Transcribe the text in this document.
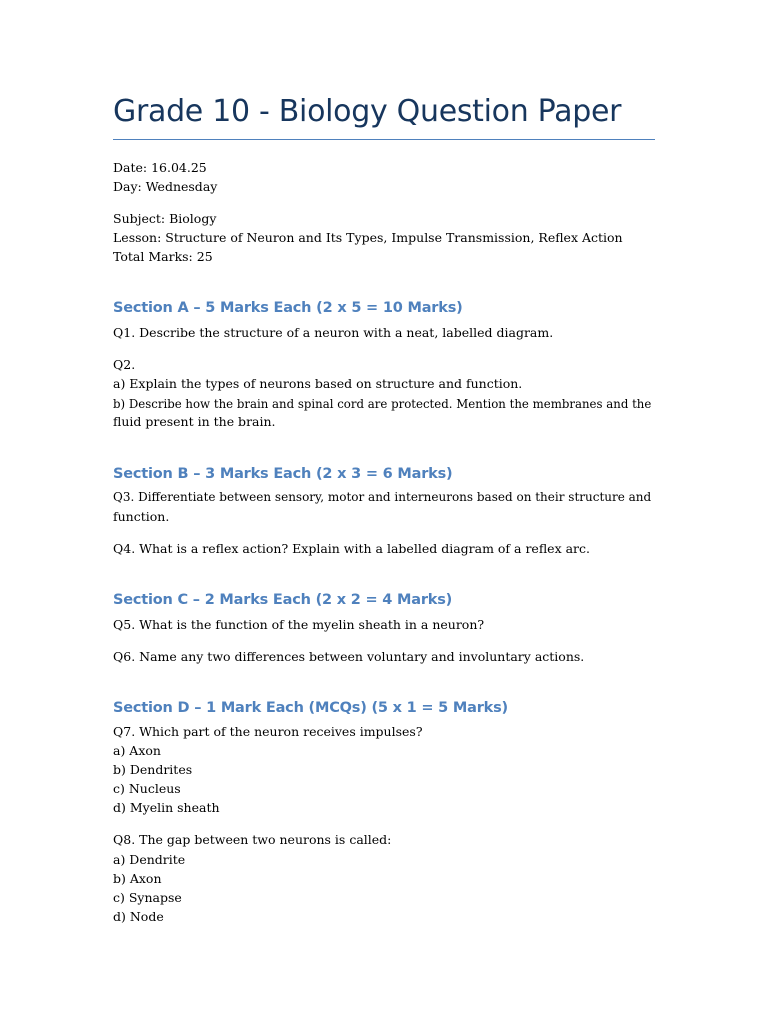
Grade 10 - Biology Question Paper

Date: 16.04.25

Day: Wednesday

Subject: Biology

Lesson: Structure of Neuron and Its Types, Impulse Transmission, Reflex Action

Total Marks: 25

Section A – 5 Marks Each (2 x 5 = 10 Marks)

Q1. Describe the structure of a neuron with a neat, labelled diagram.

Q2.

a) Explain the types of neurons based on structure and function.

b) Describe how the brain and spinal cord are protected. Mention the membranes and the

fluid present in the brain.

Section B – 3 Marks Each (2 x 3 = 6 Marks)

Q3. Differentiate between sensory, motor and interneurons based on their structure and

function.

Q4. What is a reflex action? Explain with a labelled diagram of a reflex arc.

Section C – 2 Marks Each (2 x 2 = 4 Marks)

Q5. What is the function of the myelin sheath in a neuron?

Q6. Name any two differences between voluntary and involuntary actions.

Section D – 1 Mark Each (MCQs) (5 x 1 = 5 Marks)

Q7. Which part of the neuron receives impulses?

a) Axon

b) Dendrites

c) Nucleus

d) Myelin sheath

Q8. The gap between two neurons is called:

a) Dendrite

b) Axon

c) Synapse

d) Node
